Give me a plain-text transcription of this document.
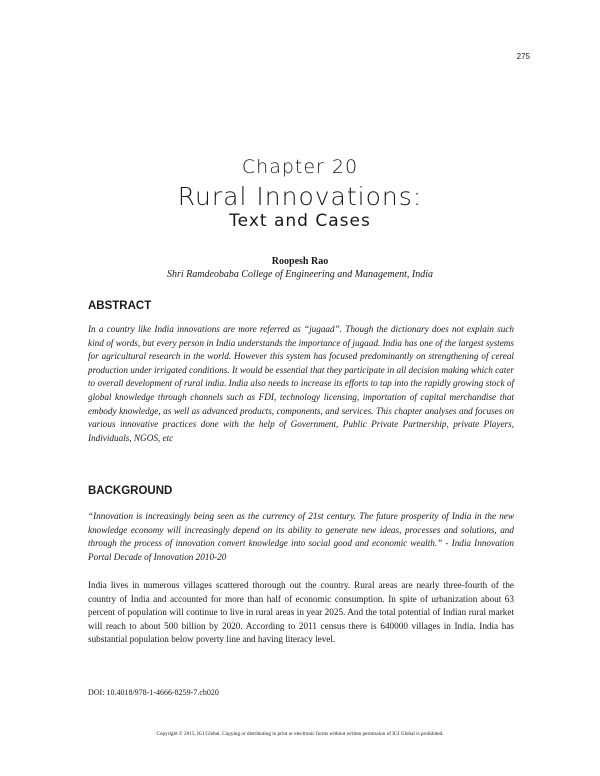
275
Chapter 20
Rural Innovations:
Text and Cases
Roopesh Rao
Shri Ramdeobaba College of Engineering and Management, India
ABSTRACT

In a country like India innovations are more referred as “jugaad”. Though the dictionary does not explain such kind of words, but every person in India understands the importance of jugaad. India has one of the largest systems for agricultural research in the world. However this system has focused predominantly on strengthening of cereal production under irrigated conditions. It would be essential that they participate in all decision making which cater to overall development of rural india. India also needs to increase its efforts to tap into the rapidly growing stock of global knowledge through channels such as FDI, technology licensing, importation of capital merchandise that embody knowledge, as well as advanced products, components, and services. This chapter analyses and focuses on various innovative practices done with the help of Government, Public Private Partnership, private Players, Individuals, NGOS, etc

BACKGROUND

“Innovation is increasingly being seen as the currency of 21st century. The future prosperity of India in the new knowledge economy will increasingly depend on its ability to generate new ideas, processes and solutions, and through the process of innovation convert knowledge into social good and economic wealth.” - India Innovation Portal Decade of Innovation 2010-20

India lives in numerous villages scattered thorough out the country. Rural areas are nearly three-fourth of the country of India and accounted for more than half of economic consumption. In spite of urbanization about 63 percent of population will continue to live in rural areas in year 2025. And the total potential of Indian rural market will reach to about 500 billion by 2020. According to 2011 census there is 640000 villages in India. India has substantial population below poverty line and having literacy level.

DOI: 10.4018/978-1-4666-8259-7.ch020
Copyright © 2015, IGI Global. Copying or distributing in print or electronic forms without written permission of IGI Global is prohibited.
